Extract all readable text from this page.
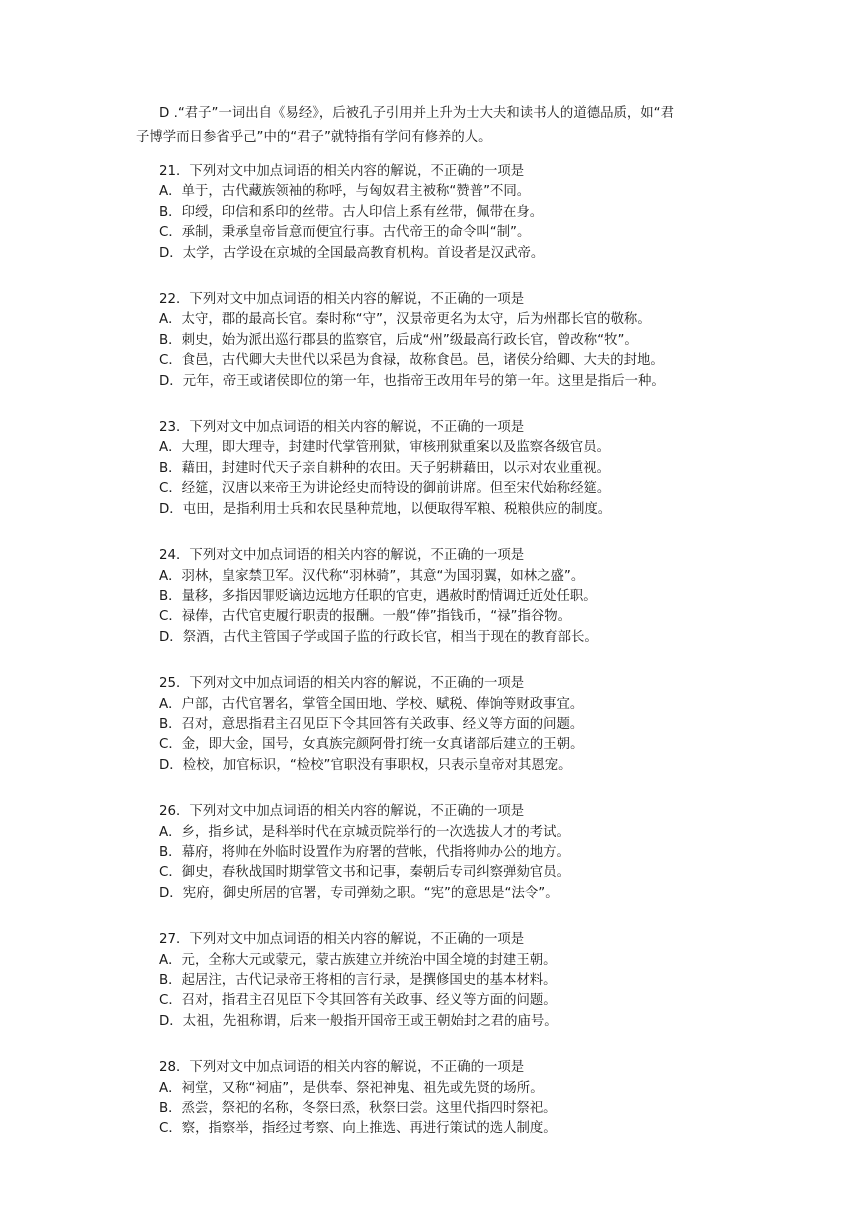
D .“君子”一词出自《易经》，后被孔子引用并上升为士大夫和读书人的道德品质，如“君
子博学而日参省乎己”中的“君子”就特指有学问有修养的人。
21．下列对文中加点词语的相关内容的解说，不正确的一项是
A．单于，古代藏族领袖的称呼，与匈奴君主被称“赞普”不同。
B．印绶，印信和系印的丝带。古人印信上系有丝带，佩带在身。
C．承制，秉承皇帝旨意而便宜行事。古代帝王的命令叫“制”。
D．太学，古学设在京城的全国最高教育机构。首设者是汉武帝。
22．下列对文中加点词语的相关内容的解说，不正确的一项是
A．太守，郡的最高长官。秦时称“守”，汉景帝更名为太守，后为州郡长官的敬称。
B．刺史，始为派出巡行郡县的监察官，后成“州”级最高行政长官，曾改称“牧”。
C．食邑，古代卿大夫世代以采邑为食禄，故称食邑。邑，诸侯分给卿、大夫的封地。
D．元年，帝王或诸侯即位的第一年，也指帝王改用年号的第一年。这里是指后一种。
23．下列对文中加点词语的相关内容的解说，不正确的一项是
A．大理，即大理寺，封建时代掌管刑狱，审核刑狱重案以及监察各级官员。
B．藉田，封建时代天子亲自耕种的农田。天子躬耕藉田，以示对农业重视。
C．经筵，汉唐以来帝王为讲论经史而特设的御前讲席。但至宋代始称经筵。
D．屯田，是指利用士兵和农民垦种荒地，以便取得军粮、税粮供应的制度。
24．下列对文中加点词语的相关内容的解说，不正确的一项是
A．羽林，皇家禁卫军。汉代称“羽林骑”，其意“为国羽翼，如林之盛”。
B．量移，多指因罪贬谪边远地方任职的官吏，遇赦时酌情调迁近处任职。
C．禄俸，古代官吏履行职责的报酬。一般“俸”指钱币，“禄”指谷物。
D．祭酒，古代主管国子学或国子监的行政长官，相当于现在的教育部长。
25．下列对文中加点词语的相关内容的解说，不正确的一项是
A．户部，古代官署名，掌管全国田地、学校、赋税、俸饷等财政事宜。
B．召对，意思指君主召见臣下令其回答有关政事、经义等方面的问题。
C．金，即大金，国号，女真族完颜阿骨打统一女真诸部后建立的王朝。
D．检校，加官标识，“检校”官职没有事职权，只表示皇帝对其恩宠。
26．下列对文中加点词语的相关内容的解说，不正确的一项是
A．乡，指乡试，是科举时代在京城贡院举行的一次选拔人才的考试。
B．幕府，将帅在外临时设置作为府署的营帐，代指将帅办公的地方。
C．御史，春秋战国时期掌管文书和记事，秦朝后专司纠察弹劾官员。
D．宪府，御史所居的官署，专司弹劾之职。“宪”的意思是“法令”。
27．下列对文中加点词语的相关内容的解说，不正确的一项是
A．元，全称大元或蒙元，蒙古族建立并统治中国全境的封建王朝。
B．起居注，古代记录帝王将相的言行录，是撰修国史的基本材料。
C．召对，指君主召见臣下令其回答有关政事、经义等方面的问题。
D．太祖，先祖称谓，后来一般指开国帝王或王朝始封之君的庙号。
28．下列对文中加点词语的相关内容的解说，不正确的一项是
A．祠堂，又称“祠庙”，是供奉、祭祀神鬼、祖先或先贤的场所。
B．烝尝，祭祀的名称，冬祭曰烝，秋祭曰尝。这里代指四时祭祀。
C．察，指察举，指经过考察、向上推选、再进行策试的选人制度。
